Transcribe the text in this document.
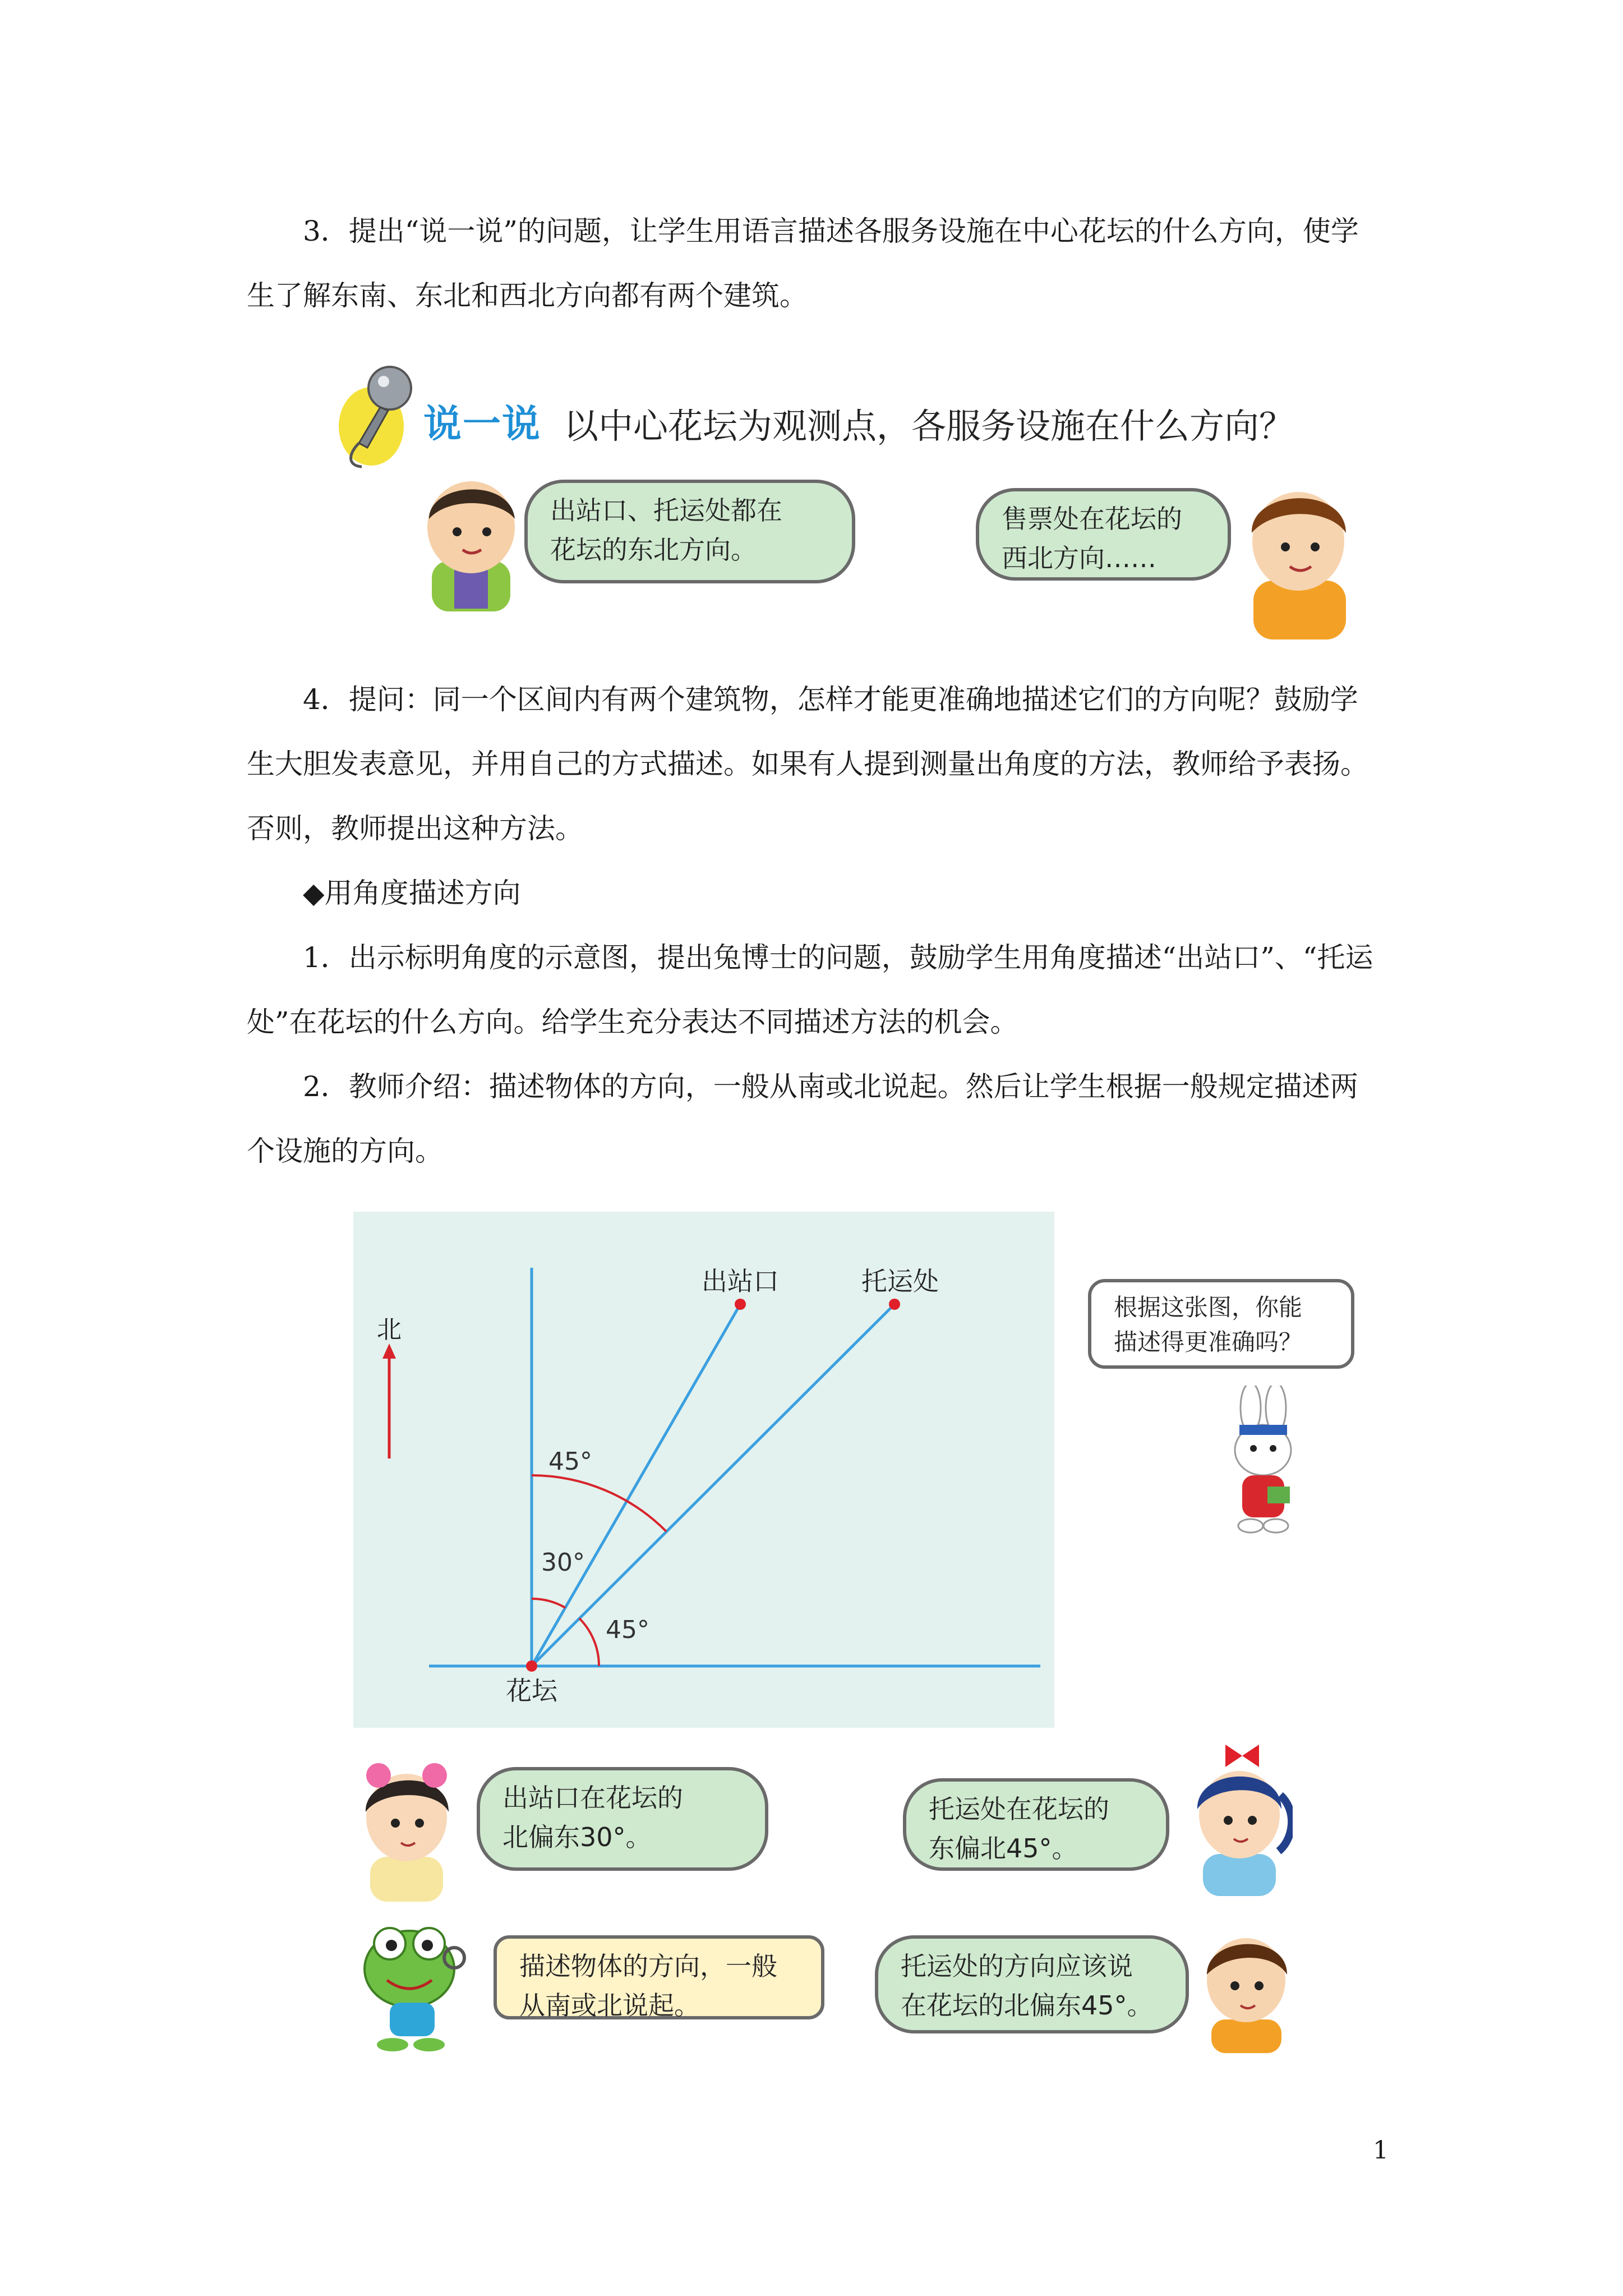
3．提出“说一说”的问题，让学生用语言描述各服务设施在中心花坛的什么方向，使学生了解东南、东北和西北方向都有两个建筑。

说一说 以中心花坛为观测点，各服务设施在什么方向？
出站口、托运处都在
花坛的东北方向。
售票处在花坛的
西北方向……

4．提问：同一个区间内有两个建筑物，怎样才能更准确地描述它们的方向呢？鼓励学生大胆发表意见，并用自己的方式描述。如果有人提到测量出角度的方法，教师给予表扬。否则，教师提出这种方法。

◆用角度描述方向

1．出示标明角度的示意图，提出兔博士的问题，鼓励学生用角度描述“出站口”、“托运处”在花坛的什么方向。给学生充分表达不同描述方法的机会。

2．教师介绍：描述物体的方向，一般从南或北说起。然后让学生根据一般规定描述两个设施的方向。

北
45°
30°
45°
花坛
出站口	托运处
根据这张图，你能
描述得更准确吗？
出站口在花坛的
北偏东30°。
托运处在花坛的
东偏北45°。
描述物体的方向，一般
从南或北说起。
托运处的方向应该说
在花坛的北偏东45°。
1
